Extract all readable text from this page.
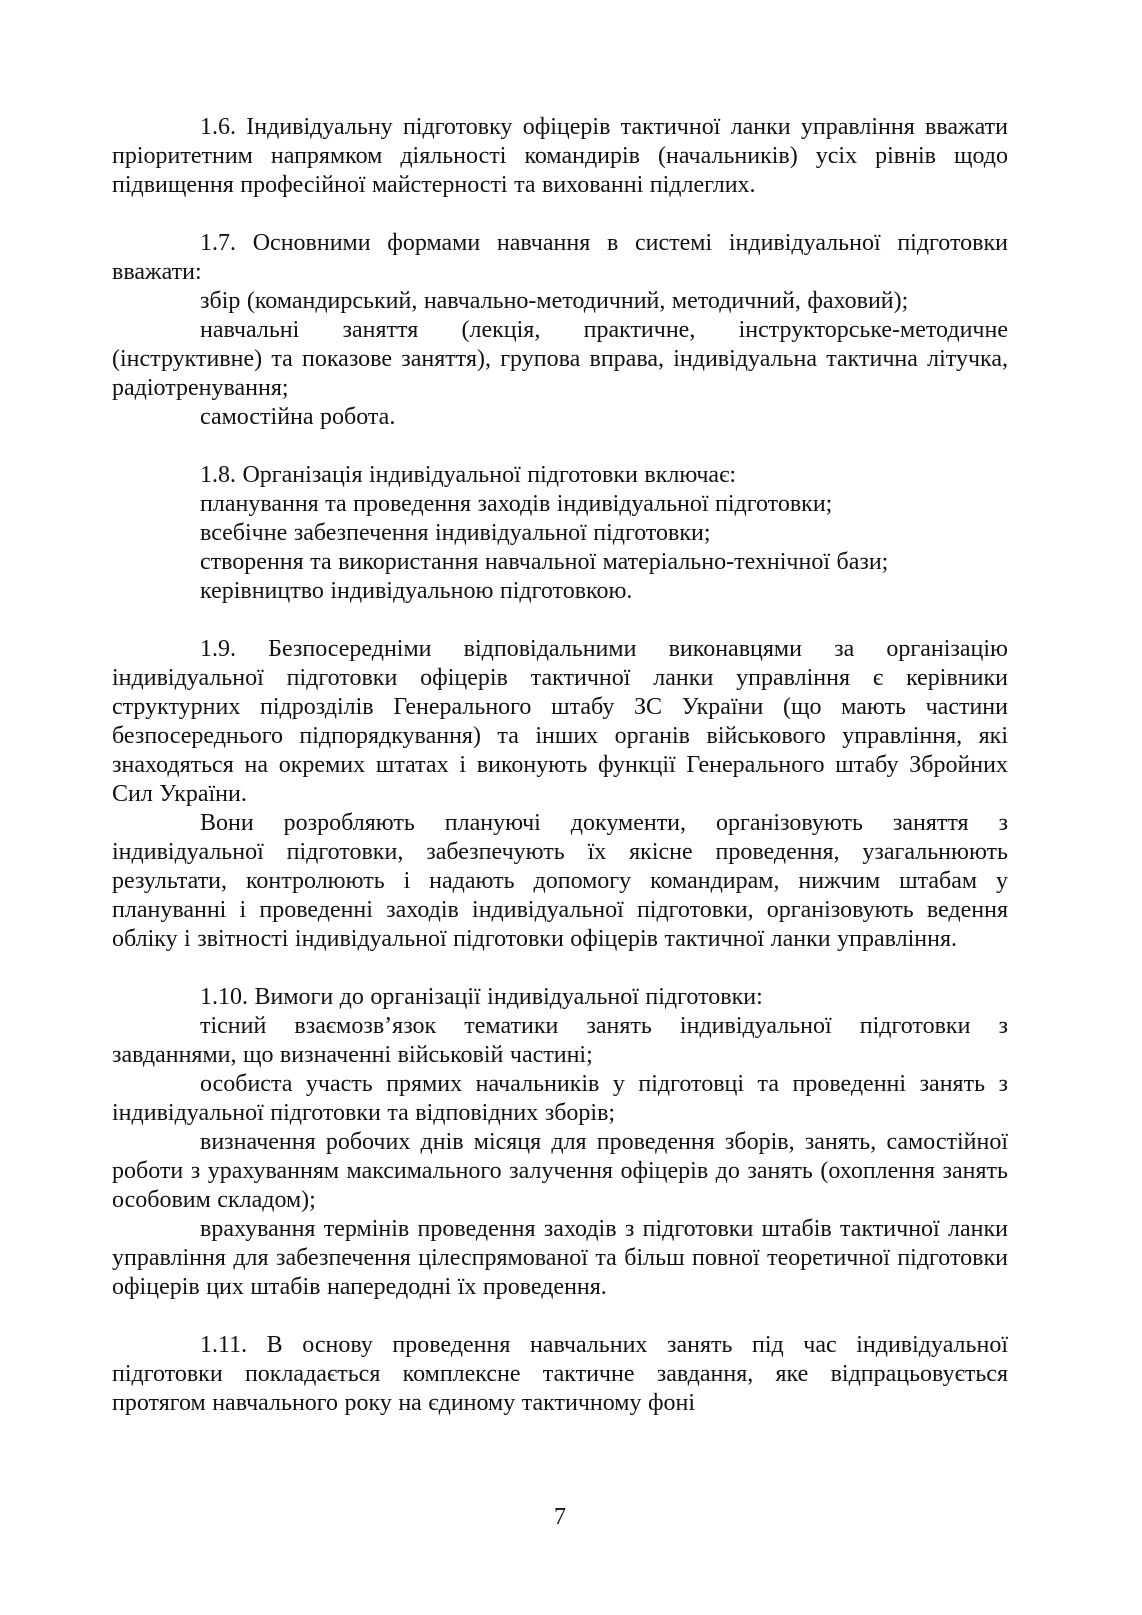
1.6. Індивідуальну підготовку офіцерів тактичної ланки управління вважати пріоритетним напрямком діяльності командирів (начальників) усіх рівнів щодо підвищення професійної майстерності та вихованні підлеглих.

1.7. Основними формами навчання в системі індивідуальної підготовки вважати:

збір (командирський, навчально-методичний, методичний, фаховий);

навчальні заняття (лекція, практичне, інструкторське-методичне (інструктивне) та показове заняття), групова вправа, індивідуальна тактична літучка, радіотренування;

самостійна робота.

1.8. Організація індивідуальної підготовки включає:

планування та проведення заходів індивідуальної підготовки;

всебічне забезпечення індивідуальної підготовки;

створення та використання навчальної матеріально-технічної бази;

керівництво індивідуальною підготовкою.

1.9. Безпосередніми відповідальними виконавцями за організацію індивідуальної підготовки офіцерів тактичної ланки управління є керівники структурних підрозділів Генерального штабу ЗС України (що мають частини безпосереднього підпорядкування) та інших органів військового управління, які знаходяться на окремих штатах і виконують функції Генерального штабу Збройних Сил України.

Вони розробляють плануючі документи, організовують заняття з індивідуальної підготовки, забезпечують їх якісне проведення, узагальнюють результати, контролюють і надають допомогу командирам, нижчим штабам у плануванні і проведенні заходів індивідуальної підготовки, організовують ведення обліку і звітності індивідуальної підготовки офіцерів тактичної ланки управління.

1.10. Вимоги до організації індивідуальної підготовки:

тісний взаємозв’язок тематики занять індивідуальної підготовки з завданнями, що визначенні військовій частині;

особиста участь прямих начальників у підготовці та проведенні занять з індивідуальної підготовки та відповідних зборів;

визначення робочих днів місяця для проведення зборів, занять, самостійної роботи з урахуванням максимального залучення офіцерів до занять (охоплення занять особовим складом);

врахування термінів проведення заходів з підготовки штабів тактичної ланки управління для забезпечення цілеспрямованої та більш повної теоретичної підготовки офіцерів цих штабів напередодні їх проведення.

1.11. В основу проведення навчальних занять під час індивідуальної підготовки покладається комплексне тактичне завдання, яке відпрацьовується протягом навчального року на єдиному тактичному фоні

7
